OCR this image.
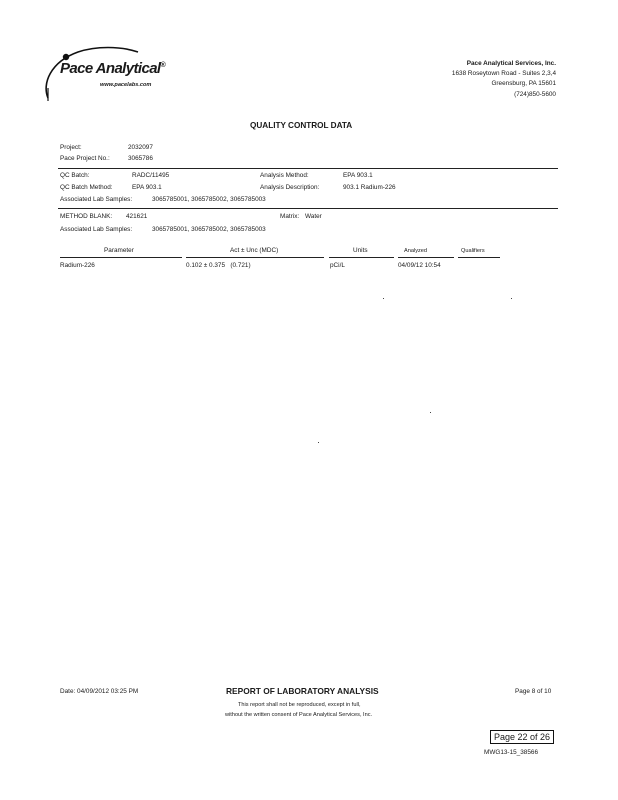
Pace Analytical®
www.pacelabs.com
Pace Analytical Services, Inc.
1638 Roseytown Road - Suites 2,3,4
Greensburg, PA 15601
(724)850-5600
QUALITY CONTROL DATA
Project:	2032097
Pace Project No.:	3065786
QC Batch:	RADC/11495	Analysis Method:	EPA 903.1
QC Batch Method:	EPA 903.1	Analysis Description:	903.1 Radium-226
Associated Lab Samples:	3065785001, 3065785002, 3065785003
METHOD BLANK: 421621	Matrix: Water
Associated Lab Samples:	3065785001, 3065785002, 3065785003
Parameter	Act ± Unc (MDC)	Units	Analyzed	Qualifiers
Radium-226	0.102 ± 0.375   (0.721)	pCi/L	04/09/12 10:54
Date: 04/09/2012 03:25 PM	REPORT OF LABORATORY ANALYSIS	Page 8 of 10
This report shall not be reproduced, except in full,
without the written consent of Pace Analytical Services, Inc.
Page 22 of 26
MWG13-15_38566
